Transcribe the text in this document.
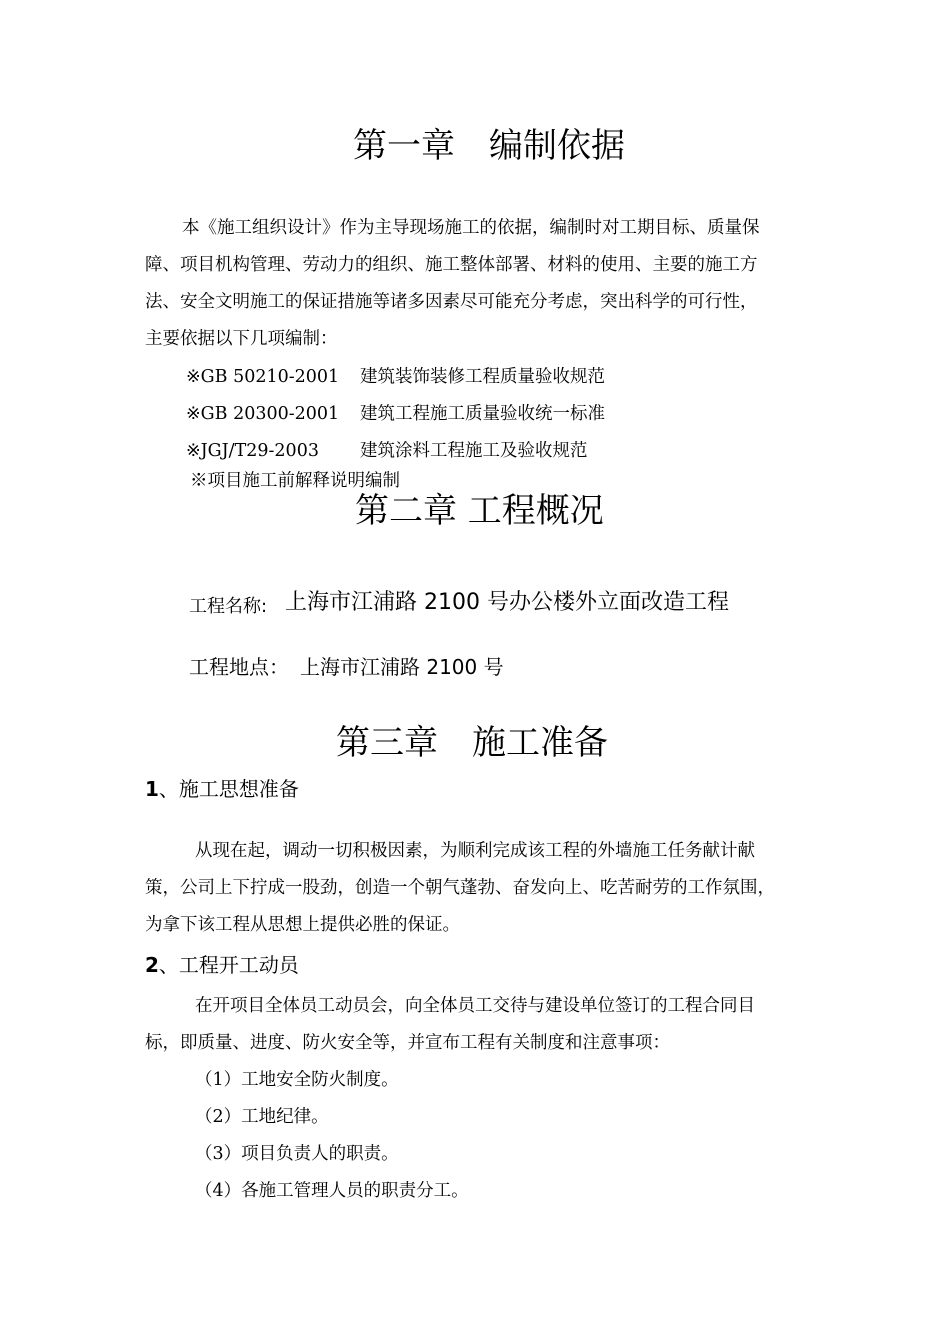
第一章　编制依据
本《施工组织设计》作为主导现场施工的依据，编制时对工期目标、质量保
障、项目机构管理、劳动力的组织、施工整体部署、材料的使用、主要的施工方
法、安全文明施工的保证措施等诸多因素尽可能充分考虑，突出科学的可行性，
主要依据以下几项编制：
※GB 50210-2001 建筑装饰装修工程质量验收规范
※GB 20300-2001 建筑工程施工质量验收统一标准
※JGJ/T29-2003 建筑涂料工程施工及验收规范
※项目施工前解释说明编制
第二章 工程概况
工程名称: 上海市江浦路 2100 号办公楼外立面改造工程
工程地点： 上海市江浦路 2100 号
第三章　施工准备
1、施工思想准备
从现在起，调动一切积极因素，为顺利完成该工程的外墙施工任务献计献
策，公司上下拧成一股劲，创造一个朝气蓬勃、奋发向上、吃苦耐劳的工作氛围，
为拿下该工程从思想上提供必胜的保证。
2、工程开工动员
在开项目全体员工动员会，向全体员工交待与建设单位签订的工程合同目
标，即质量、进度、防火安全等，并宣布工程有关制度和注意事项：
（1）工地安全防火制度。
（2）工地纪律。
（3）项目负责人的职责。
（4）各施工管理人员的职责分工。
